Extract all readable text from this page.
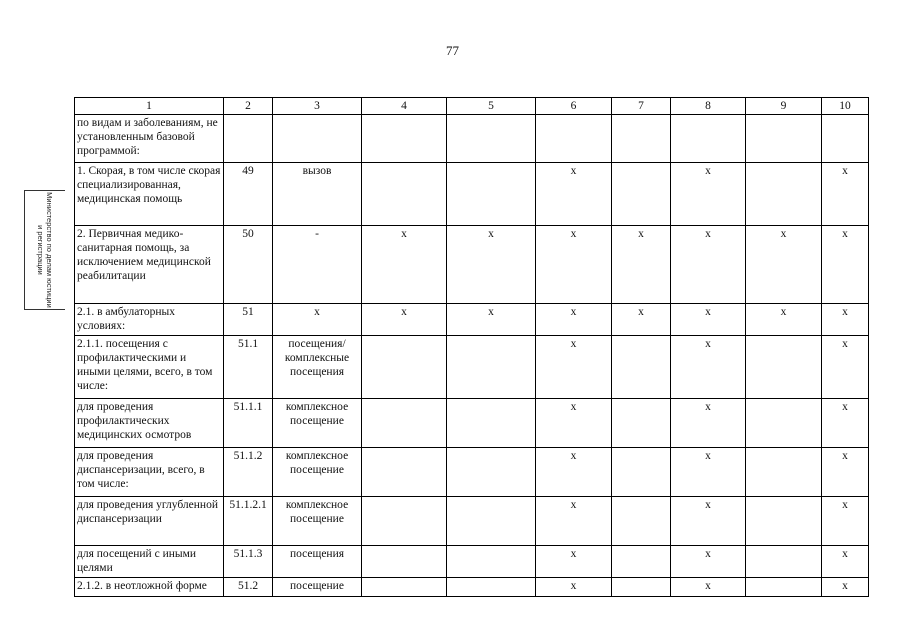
77
Министерство по делам юстиции и регистрации
1	2	3	4	5	6	7	8	9	10
по видам и заболеваниям, не установленным базовой программой:									
1. Скорая, в том числе скорая специализированная, медицинская помощь	49	вызов			х		х		х
2. Первичная медико-санитарная помощь, за исключением медицинской реабилитации	50	-	х	х	х	х	х	х	х
2.1. в амбулаторных условиях:	51	х	х	х	х	х	х	х	х
2.1.1. посещения с профилактическими и иными целями, всего, в том числе:	51.1	посещения/ комплексные посещения			х		х		х
для проведения профилактических медицинских осмотров	51.1.1	комплексное посещение			х		х		х
для проведения диспансеризации, всего, в том числе:	51.1.2	комплексное посещение			х		х		х
для проведения углубленной диспансеризации	51.1.2.1	комплексное посещение			х		х		х
для посещений с иными целями	51.1.3	посещения			х		х		х
2.1.2. в неотложной форме	51.2	посещение			х		х		х
